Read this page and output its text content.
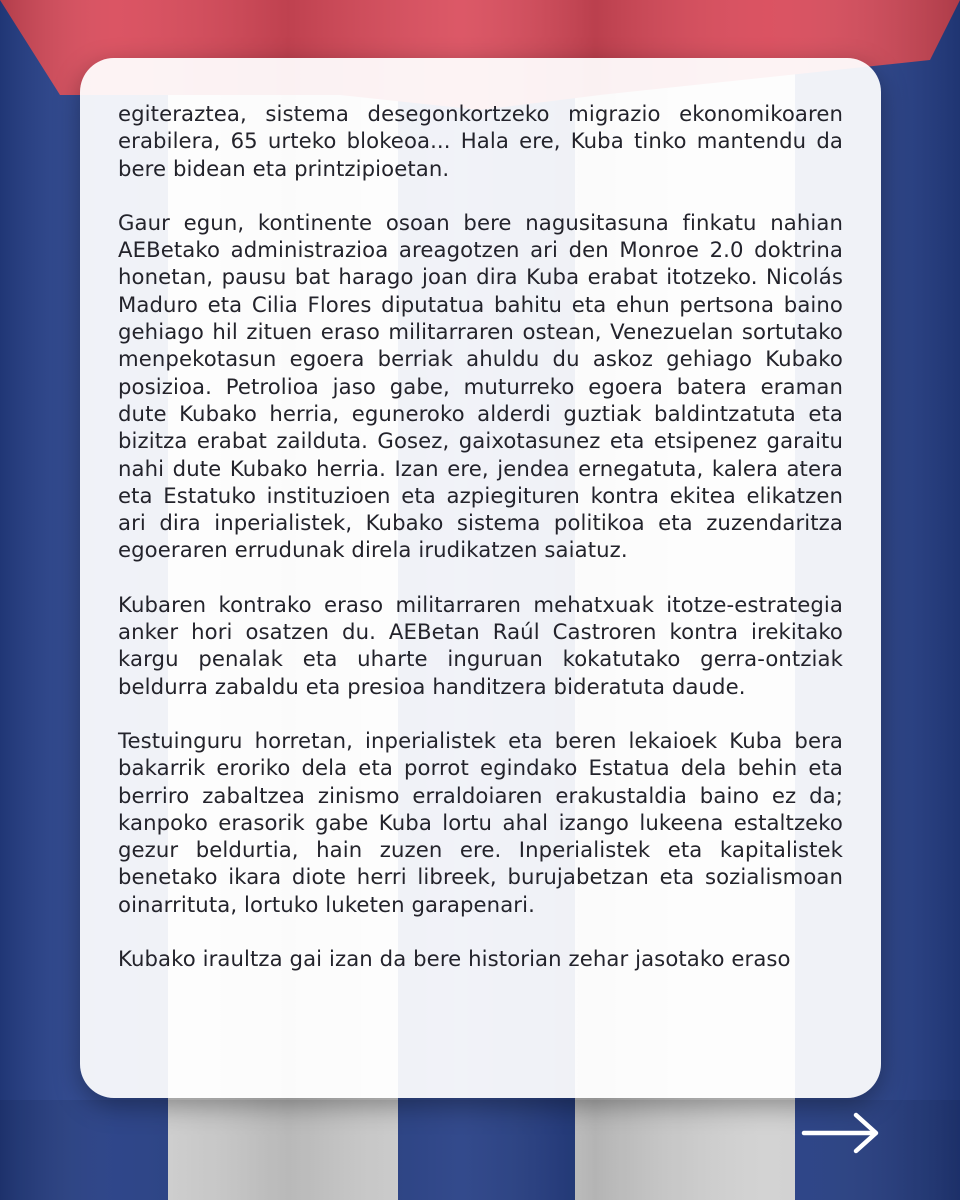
egiteraztea, sistema desegonkortzeko migrazio ekonomikoaren erabilera, 65 urteko blokeoa... Hala ere, Kuba tinko mantendu da bere bidean eta printzipioetan.

Gaur egun, kontinente osoan bere nagusitasuna finkatu nahian AEBetako administrazioa areagotzen ari den Monroe 2.0 doktrina honetan, pausu bat harago joan dira Kuba erabat itotzeko. Nicolás Maduro eta Cilia Flores diputatua bahitu eta ehun pertsona baino gehiago hil zituen eraso militarraren ostean, Venezuelan sortutako menpekotasun egoera berriak ahuldu du askoz gehiago Kubako posizioa. Petrolioa jaso gabe, muturreko egoera batera eraman dute Kubako herria, eguneroko alderdi guztiak baldintzatuta eta bizitza erabat zailduta. Gosez, gaixotasunez eta etsipenez garaitu nahi dute Kubako herria. Izan ere, jendea ernegatuta, kalera atera eta Estatuko instituzioen eta azpiegituren kontra ekitea elikatzen ari dira inperialistek, Kubako sistema politikoa eta zuzendaritza egoeraren errudunak direla irudikatzen saiatuz.

Kubaren kontrako eraso militarraren mehatxuak itotze-estrategia anker hori osatzen du. AEBetan Raúl Castroren kontra irekitako kargu penalak eta uharte inguruan kokatutako gerra-ontziak beldurra zabaldu eta presioa handitzera bideratuta daude.

Testuinguru horretan, inperialistek eta beren lekaioek Kuba bera bakarrik eroriko dela eta porrot egindako Estatua dela behin eta berriro zabaltzea zinismo erraldoiaren erakustaldia baino ez da; kanpoko erasorik gabe Kuba lortu ahal izango lukeena estaltzeko gezur beldurtia, hain zuzen ere. Inperialistek eta kapitalistek benetako ikara diote herri libreek, burujabetzan eta sozialismoan oinarrituta, lortuko luketen garapenari.

Kubako iraultza gai izan da bere historian zehar jasotako eraso
